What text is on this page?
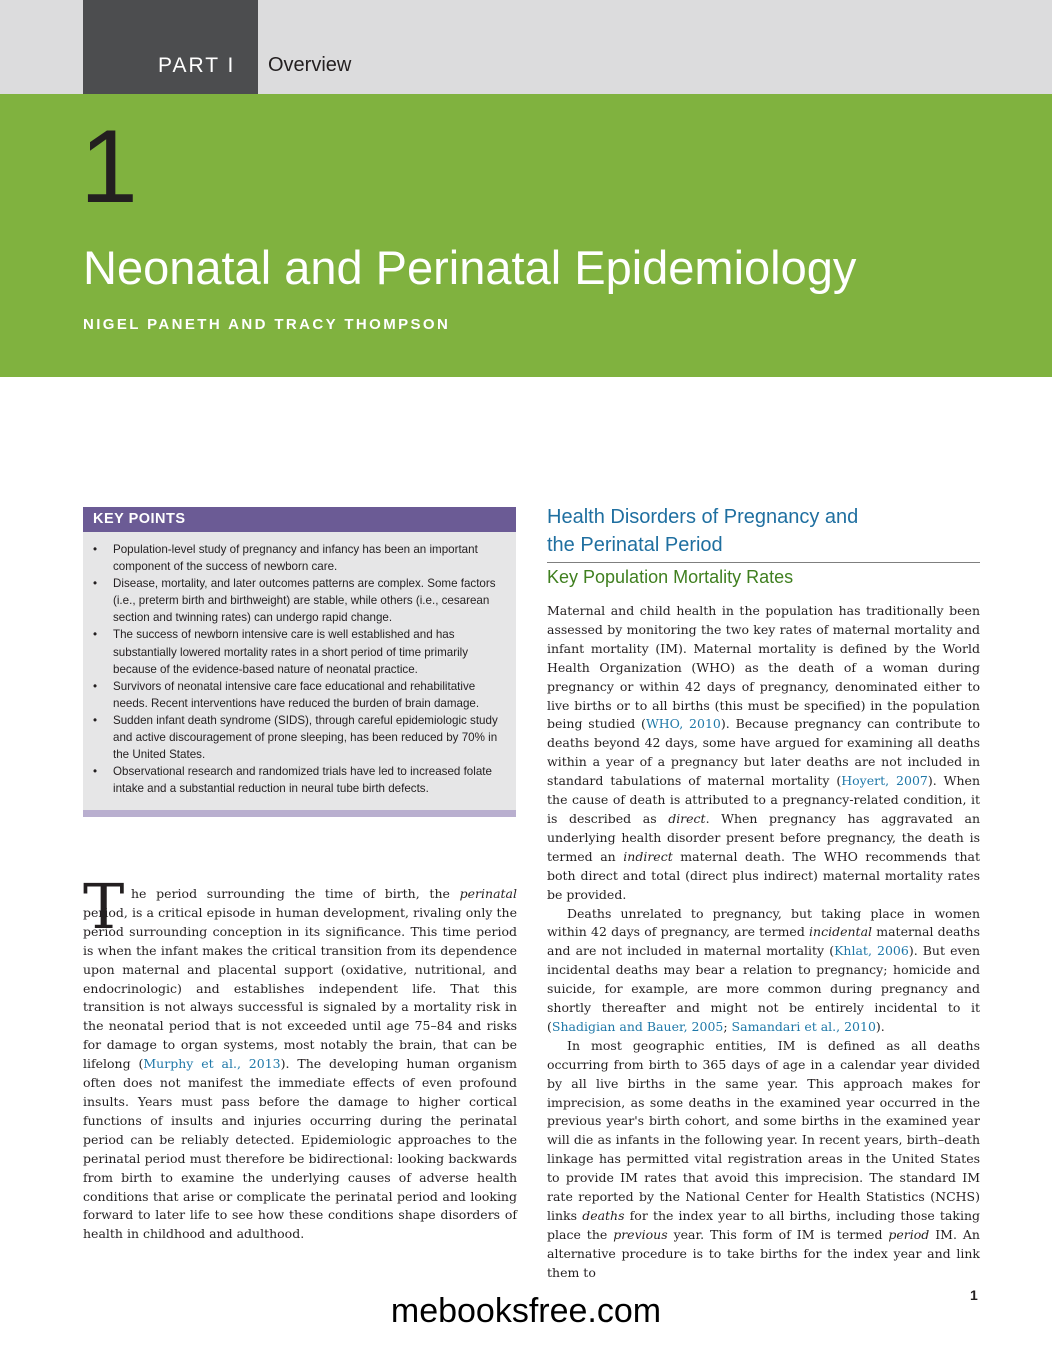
PART I Overview
1
Neonatal and Perinatal Epidemiology
NIGEL PANETH AND TRACY THOMPSON
KEY POINTS
• Population-level study of pregnancy and infancy has been an important component of the success of newborn care.
• Disease, mortality, and later outcomes patterns are complex. Some factors (i.e., preterm birth and birthweight) are stable, while others (i.e., cesarean section and twinning rates) can undergo rapid change.
• The success of newborn intensive care is well established and has substantially lowered mortality rates in a short period of time primarily because of the evidence-based nature of neonatal practice.
• Survivors of neonatal intensive care face educational and rehabilitative needs. Recent interventions have reduced the burden of brain damage.
• Sudden infant death syndrome (SIDS), through careful epidemiologic study and active discouragement of prone sleeping, has been reduced by 70% in the United States.
• Observational research and randomized trials have led to increased folate intake and a substantial reduction in neural tube birth defects.
T he period surrounding the time of birth, the perinatal period, is a critical episode in human development, rivaling only the period surrounding conception in its significance. This time period is when the infant makes the critical transition from its dependence upon maternal and placental support (oxidative, nutritional, and endocrinologic) and establishes independent life. That this transition is not always successful is signaled by a mortality risk in the neonatal period that is not exceeded until age 75–84 and risks for damage to organ systems, most notably the brain, that can be lifelong (Murphy et al., 2013). The developing human organism often does not manifest the immediate effects of even profound insults. Years must pass before the damage to higher cortical functions of insults and injuries occurring during the perinatal period can be reliably detected. Epidemiologic approaches to the perinatal period must therefore be bidirectional: looking backwards from birth to examine the underlying causes of adverse health conditions that arise or complicate the perinatal period and looking forward to later life to see how these conditions shape disorders of health in childhood and adulthood.

Health Disorders of Pregnancy and
the Perinatal Period
Key Population Mortality Rates

Maternal and child health in the population has traditionally been assessed by monitoring the two key rates of maternal mortality and infant mortality (IM). Maternal mortality is defined by the World Health Organization (WHO) as the death of a woman during pregnancy or within 42 days of pregnancy, denominated either to live births or to all births (this must be specified) in the population being studied (WHO, 2010). Because pregnancy can contribute to deaths beyond 42 days, some have argued for examining all deaths within a year of a pregnancy but later deaths are not included in standard tabulations of maternal mortality (Hoyert, 2007). When the cause of death is attributed to a pregnancy-related condition, it is described as direct. When pregnancy has aggravated an underlying health disorder present before pregnancy, the death is termed an indirect maternal death. The WHO recommends that both direct and total (direct plus indirect) maternal mortality rates be provided.

Deaths unrelated to pregnancy, but taking place in women within 42 days of pregnancy, are termed incidental maternal deaths and are not included in maternal mortality (Khlat, 2006). But even incidental deaths may bear a relation to pregnancy; homicide and suicide, for example, are more common during pregnancy and shortly thereafter and might not be entirely incidental to it (Shadigian and Bauer, 2005; Samandari et al., 2010).

In most geographic entities, IM is defined as all deaths occurring from birth to 365 days of age in a calendar year divided by all live births in the same year. This approach makes for imprecision, as some deaths in the examined year occurred in the previous year's birth cohort, and some births in the examined year will die as infants in the following year. In recent years, birth–death linkage has permitted vital registration areas in the United States to provide IM rates that avoid this imprecision. The standard IM rate reported by the National Center for Health Statistics (NCHS) links deaths for the index year to all births, including those taking place the previous year. This form of IM is termed period IM. An alternative procedure is to take births for the index year and link them to

1
mebooksfree.com
